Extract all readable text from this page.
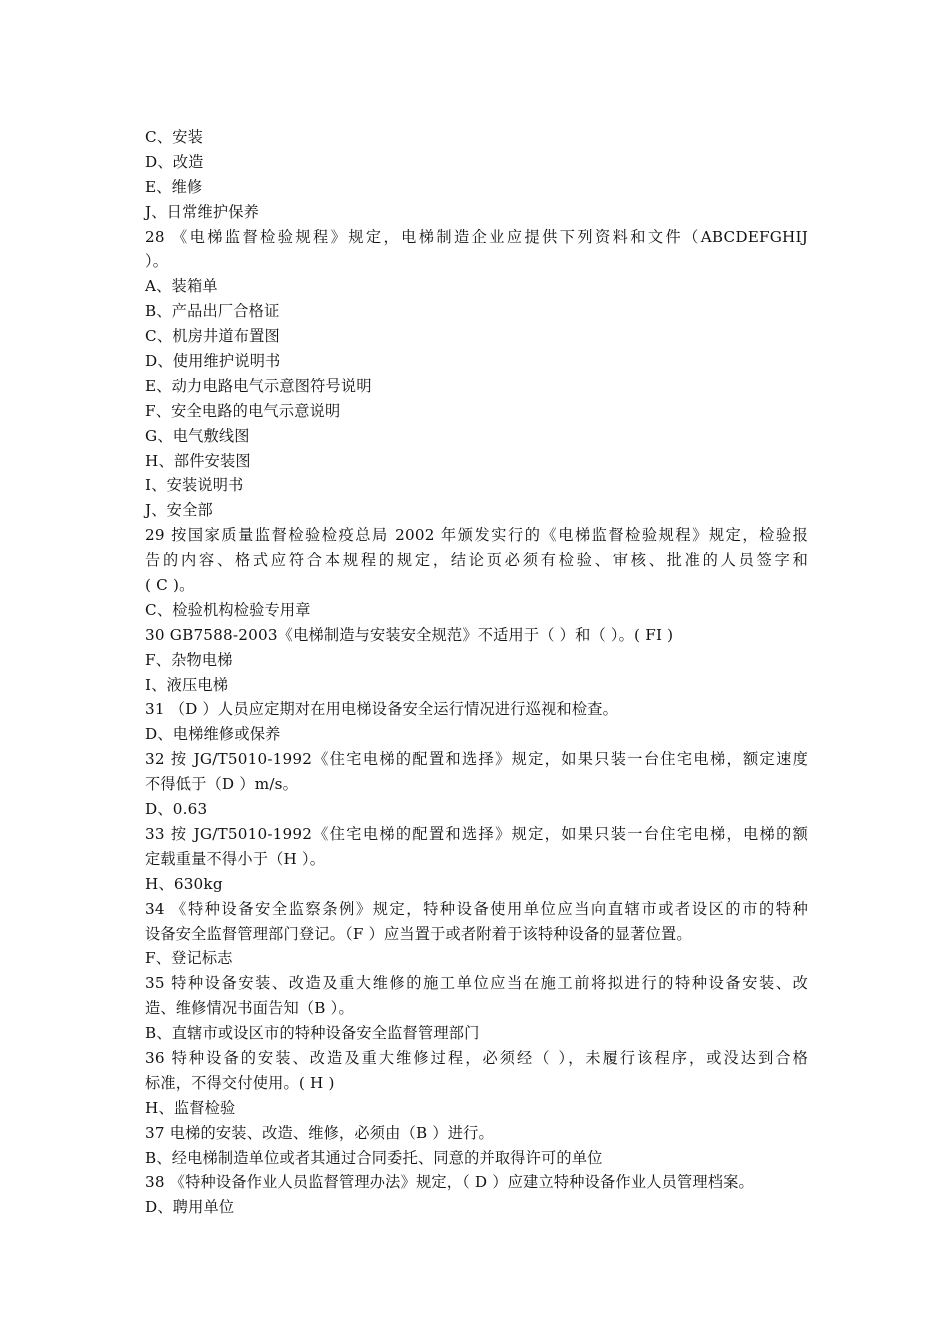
C、安装
D、改造
E、维修
J、日常维护保养
28 《电梯监督检验规程》规定，电梯制造企业应提供下列资料和文件（ABCDEFGHIJ
）。
A、装箱单
B、产品出厂合格证
C、机房井道布置图
D、使用维护说明书
E、动力电路电气示意图符号说明
F、安全电路的电气示意说明
G、电气敷线图
H、部件安装图
I、安装说明书
J、安全部
29 按国家质量监督检验检疫总局 2002 年颁发实行的《电梯监督检验规程》规定，检验报
告的内容、格式应符合本规程的规定，结论页必须有检验、审核、批准的人员签字和
( C )。
C、检验机构检验专用章
30 GB7588-2003《电梯制造与安装安全规范》不适用于（ ）和（ ）。( FI )
F、杂物电梯
I、液压电梯
31 （D ）人员应定期对在用电梯设备安全运行情况进行巡视和检查。
D、电梯维修或保养
32 按 JG/T5010-1992《住宅电梯的配置和选择》规定，如果只装一台住宅电梯，额定速度
不得低于（D ）m/s。
D、0.63
33 按 JG/T5010-1992《住宅电梯的配置和选择》规定，如果只装一台住宅电梯，电梯的额
定载重量不得小于（H ）。
H、630kg
34 《特种设备安全监察条例》规定，特种设备使用单位应当向直辖市或者设区的市的特种
设备安全监督管理部门登记。（F ）应当置于或者附着于该特种设备的显著位置。
F、登记标志
35 特种设备安装、改造及重大维修的施工单位应当在施工前将拟进行的特种设备安装、改
造、维修情况书面告知（B ）。
B、直辖市或设区市的特种设备安全监督管理部门
36 特种设备的安装、改造及重大维修过程，必须经（ ），未履行该程序，或没达到合格
标准，不得交付使用。( H )
H、监督检验
37 电梯的安装、改造、维修，必须由（B ）进行。
B、经电梯制造单位或者其通过合同委托、同意的并取得许可的单位
38 《特种设备作业人员监督管理办法》规定，（ D ）应建立特种设备作业人员管理档案。
D、聘用单位
